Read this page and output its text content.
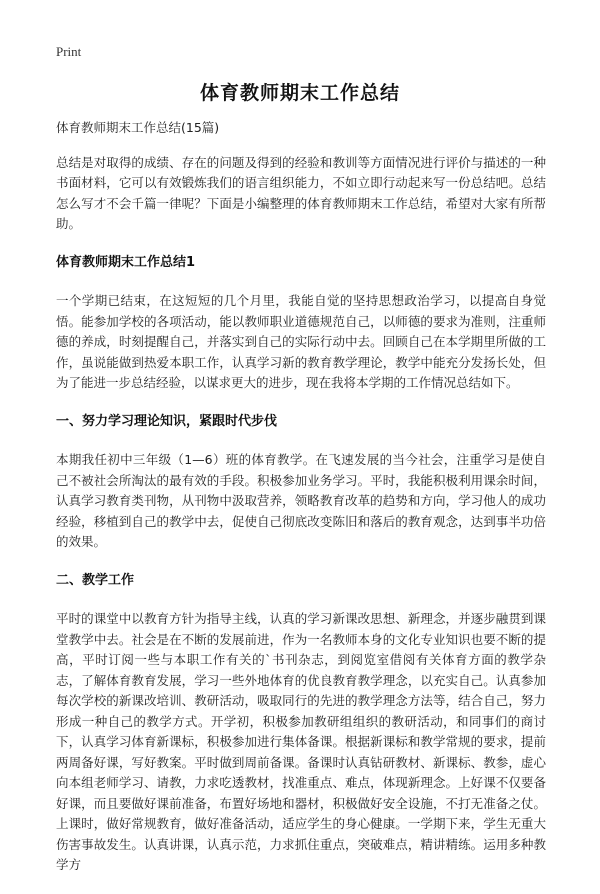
Print
体育教师期末工作总结

体育教师期末工作总结(15篇)

总结是对取得的成绩、存在的问题及得到的经验和教训等方面情况进行评价与描述的一种书面材料，它可以有效锻炼我们的语言组织能力，不如立即行动起来写一份总结吧。总结怎么写才不会千篇一律呢？下面是小编整理的体育教师期末工作总结，希望对大家有所帮助。

体育教师期末工作总结1

一个学期已结束，在这短短的几个月里，我能自觉的坚持思想政治学习，以提高自身觉悟。能参加学校的各项活动，能以教师职业道德规范自己，以师德的要求为准则，注重师德的养成，时刻提醒自己，并落实到自己的实际行动中去。回顾自己在本学期里所做的工作，虽说能做到热爱本职工作，认真学习新的教育教学理论，教学中能充分发扬长处，但为了能进一步总结经验，以谋求更大的进步，现在我将本学期的工作情况总结如下。

一、努力学习理论知识，紧跟时代步伐

本期我任初中三年级（1—6）班的体育教学。在飞速发展的当今社会，注重学习是使自己不被社会所淘汰的最有效的手段。积极参加业务学习。平时，我能积极利用课余时间，认真学习教育类刊物，从刊物中汲取营养，领略教育改革的趋势和方向，学习他人的成功经验，移植到自己的教学中去，促使自己彻底改变陈旧和落后的教育观念，达到事半功倍的效果。

二、教学工作

平时的课堂中以教育方针为指导主线，认真的学习新课改思想、新理念，并逐步融贯到课堂教学中去。社会是在不断的发展前进，作为一名教师本身的文化专业知识也要不断的提高，平时订阅一些与本职工作有关的`书刊杂志，到阅览室借阅有关体育方面的教学杂志，了解体育教育发展，学习一些外地体育的优良教育教学理念，以充实自己。认真参加每次学校的新课改培训、教研活动，吸取同行的先进的教学理念方法等，结合自己，努力形成一种自己的教学方式。开学初，积极参加教研组组织的教研活动，和同事们的商讨下，认真学习体育新课标，积极参加进行集体备课。根据新课标和教学常规的要求，提前两周备好课，写好教案。平时做到周前备课。备课时认真钻研教材、新课标、教参，虚心向本组老师学习、请教，力求吃透教材，找准重点、难点，体现新理念。上好课不仅要备好课，而且要做好课前准备，布置好场地和器材，积极做好安全设施，不打无准备之仗。上课时，做好常规教育，做好准备活动，适应学生的身心健康。一学期下来，学生无重大伤害事故发生。认真讲课，认真示范，力求抓住重点，突破难点，精讲精练。运用多种教学方
